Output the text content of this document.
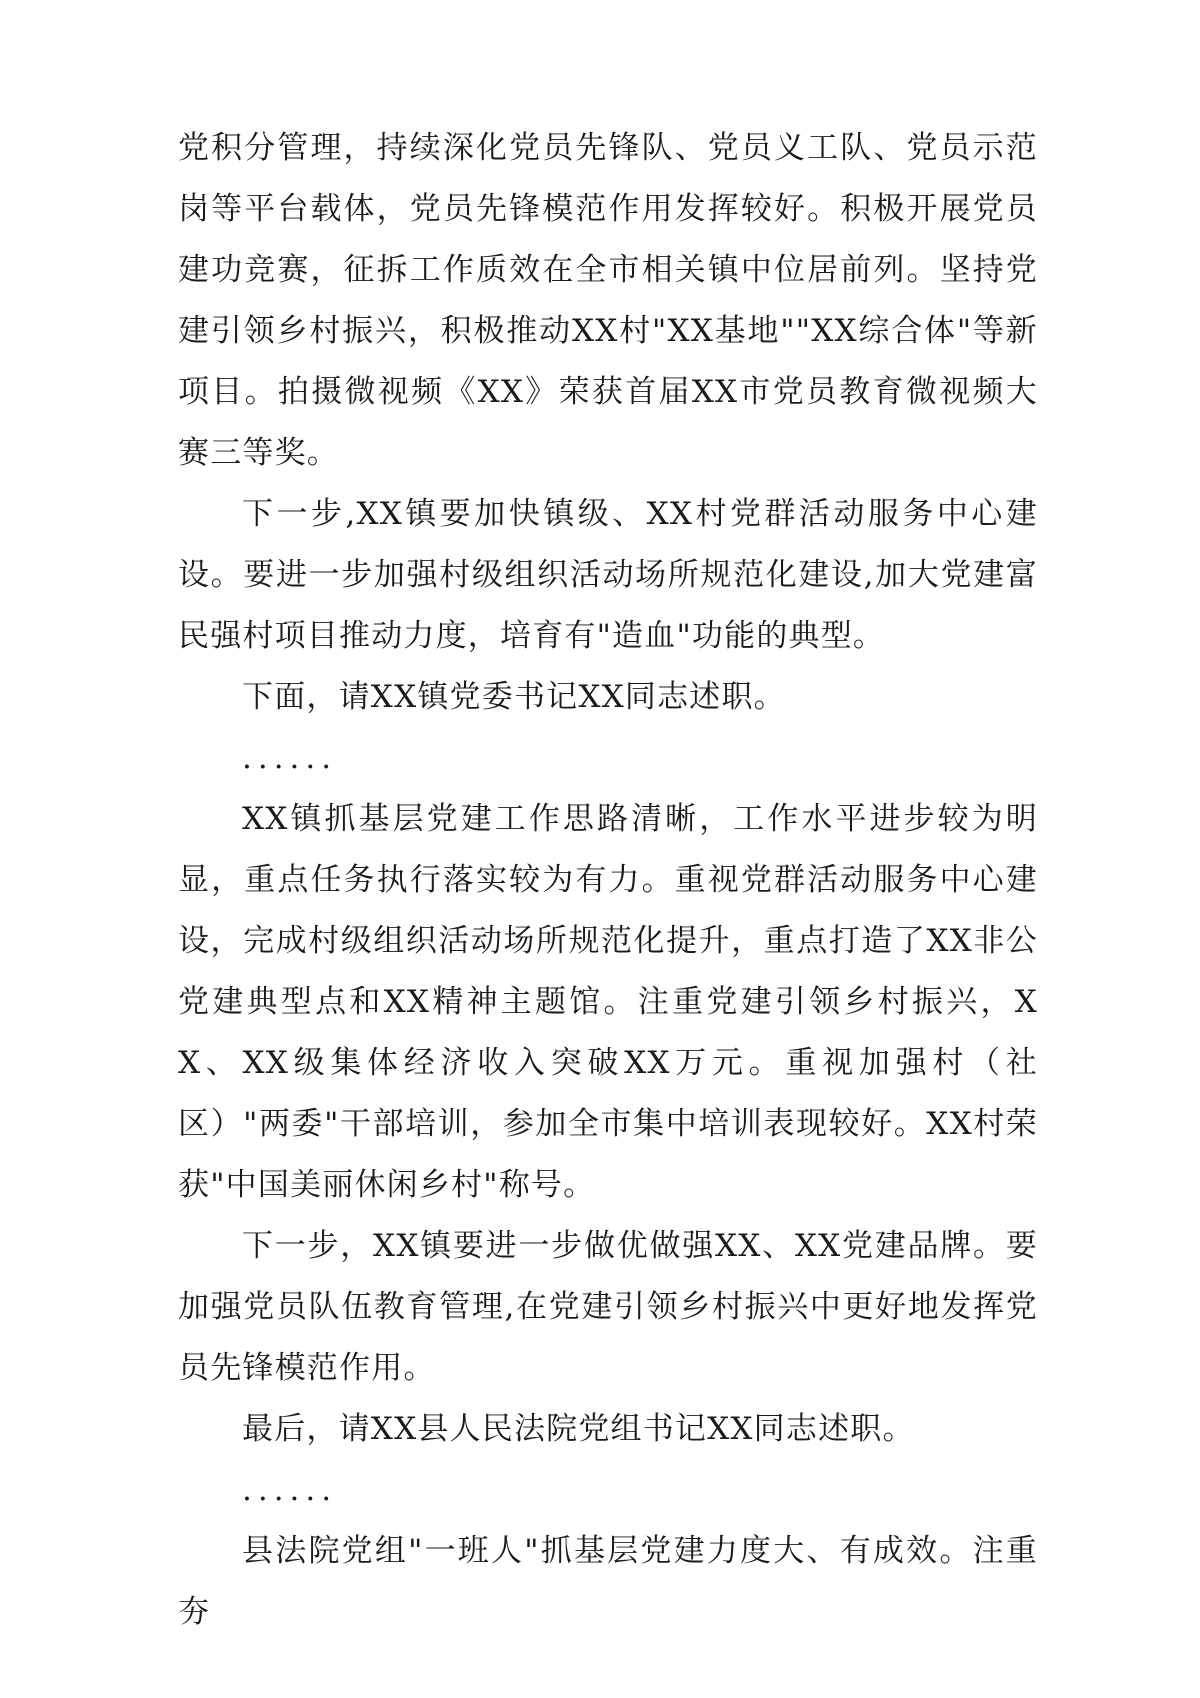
党积分管理，持续深化党员先锋队、党员义工队、党员示范岗等平台载体，党员先锋模范作用发挥较好。积极开展党员建功竞赛，征拆工作质效在全市相关镇中位居前列。坚持党建引领乡村振兴，积极推动XX村"XX基地""XX综合体"等新项目。拍摄微视频《XX》荣获首届XX市党员教育微视频大赛三等奖。

下一步,XX镇要加快镇级、XX村党群活动服务中心建设。要进一步加强村级组织活动场所规范化建设,加大党建富民强村项目推动力度，培育有"造血"功能的典型。

下面，请XX镇党委书记XX同志述职。

......

XX镇抓基层党建工作思路清晰，工作水平进步较为明显，重点任务执行落实较为有力。重视党群活动服务中心建设，完成村级组织活动场所规范化提升，重点打造了XX非公党建典型点和XX精神主题馆。注重党建引领乡村振兴，XX、XX级集体经济收入突破XX万元。重视加强村（社区）"两委"干部培训，参加全市集中培训表现较好。XX村荣获"中国美丽休闲乡村"称号。

下一步，XX镇要进一步做优做强XX、XX党建品牌。要加强党员队伍教育管理,在党建引领乡村振兴中更好地发挥党员先锋模范作用。

最后，请XX县人民法院党组书记XX同志述职。

......

县法院党组"一班人"抓基层党建力度大、有成效。注重夯
